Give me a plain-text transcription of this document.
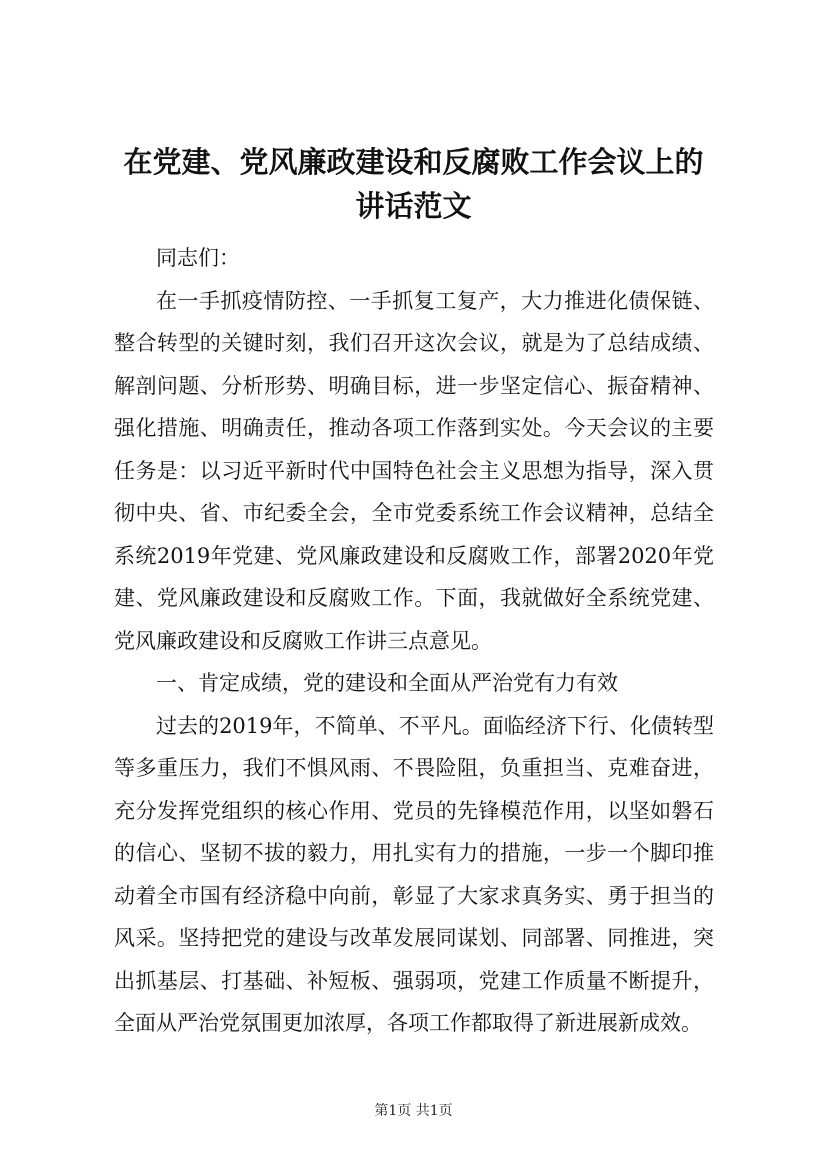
在党建、党风廉政建设和反腐败工作会议上的
讲话范文

同志们：

在一手抓疫情防控、一手抓复工复产，大力推进化债保链、整合转型的关键时刻，我们召开这次会议，就是为了总结成绩、解剖问题、分析形势、明确目标，进一步坚定信心、振奋精神、强化措施、明确责任，推动各项工作落到实处。今天会议的主要任务是：以习近平新时代中国特色社会主义思想为指导，深入贯彻中央、省、市纪委全会，全市党委系统工作会议精神，总结全系统2019年党建、党风廉政建设和反腐败工作，部署2020年党建、党风廉政建设和反腐败工作。下面，我就做好全系统党建、党风廉政建设和反腐败工作讲三点意见。

一、肯定成绩，党的建设和全面从严治党有力有效

过去的2019年，不简单、不平凡。面临经济下行、化债转型等多重压力，我们不惧风雨、不畏险阻，负重担当、克难奋进，充分发挥党组织的核心作用、党员的先锋模范作用，以坚如磐石的信心、坚韧不拔的毅力，用扎实有力的措施，一步一个脚印推动着全市国有经济稳中向前，彰显了大家求真务实、勇于担当的风采。坚持把党的建设与改革发展同谋划、同部署、同推进，突出抓基层、打基础、补短板、强弱项，党建工作质量不断提升，全面从严治党氛围更加浓厚，各项工作都取得了新进展新成效。

第1页 共1页
